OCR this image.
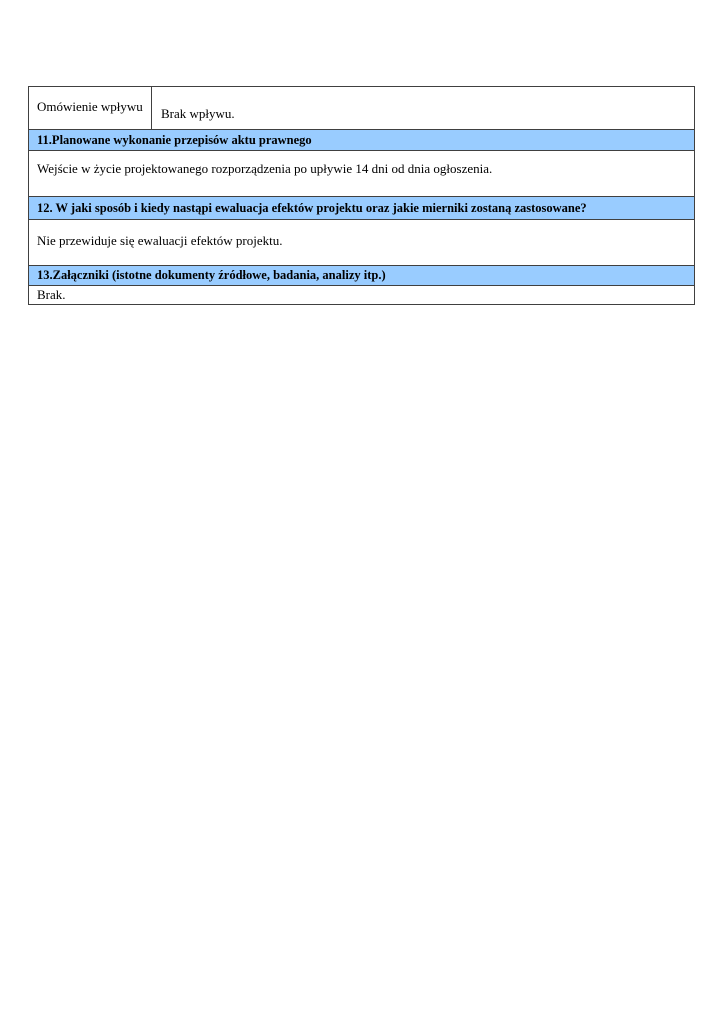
Omówienie wpływu	Brak wpływu.
11.Planowane wykonanie przepisów aktu prawnego
Wejście w życie projektowanego rozporządzenia po upływie 14 dni od dnia ogłoszenia.
12. W jaki sposób i kiedy nastąpi ewaluacja efektów projektu oraz jakie mierniki zostaną zastosowane?
Nie przewiduje się ewaluacji efektów projektu.
13.Załączniki (istotne dokumenty źródłowe, badania, analizy itp.)
Brak.
